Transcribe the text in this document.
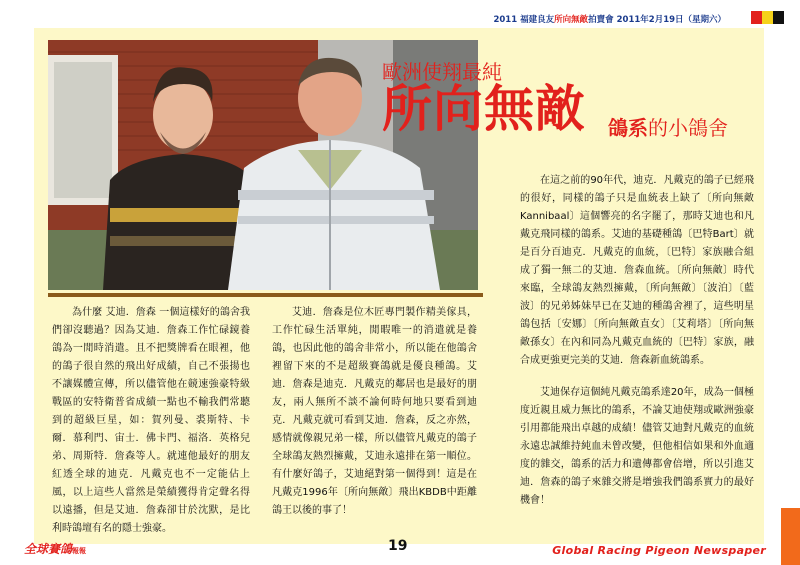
2011 福建良友所向無敵拍賣會 2011年2月19日（星期六）
歐洲使翔最純
所向無敵 鴿系的小鴿舍

為什麼 艾迪．詹森 一個這樣好的鴿舍我們卻沒聽過？因為艾迪．詹森工作忙碌鏡養鴿為一閒時消遣。且不把獎牌看在眼裡，他的鴿子很自然的飛出好成績，自己不張揚也不讓媒體宣傳，所以儘管他在競速強豪特級戰區的安特衛普省成績一點也不輸我們常聽到的超級巨星，如：賀列曼、裘斯特、卡爾．慕利門、宙士．佛卡門、福洛．英格兒弟、周斯特．詹森等人。就連他最好的朋友紅透全球的迪克．凡戴克也不一定能佔上風，以上這些人當然是榮績獲得肯定聲名得以遠播，但是艾迪．詹森卻甘於沈默，是比利時鴿壇有名的隱士強豪。

艾迪．詹森是位木匠專門製作精美傢具，工作忙碌生活單純，閒暇唯一的消遣就是養鴿，也因此他的鴿舍非常小，所以能在他鴿舍裡留下來的不是超級賽鴿就是優良種鴿。艾迪．詹森是迪克．凡戴克的鄰居也是最好的朋友，兩人無所不談不論何時何地只要看到迪克．凡戴克就可看到艾迪．詹森，反之亦然，感情就像親兄弟一樣，所以儘管凡戴克的鴿子全球鴿友熱烈擁戴，艾迪永遠排在第一順位。有什麼好鴿子，艾迪絕對第一個得到！這是在凡戴克1996年〔所向無敵〕飛出KBDB中距離鴿王以後的事了！

在這之前的90年代，迪克．凡戴克的鴿子已經飛的很好，同樣的鴿子只是血統表上缺了〔所向無敵Kannibaal〕這個響亮的名字罷了，那時艾迪也和凡戴克飛同樣的鴿系。艾迪的基礎種鴿〔巴特Bart〕就是百分百迪克．凡戴克的血統，〔巴特〕家族融合組成了獨一無二的艾迪．詹森血統。〔所向無敵〕時代來臨，全球鴿友熱烈擁戴，〔所向無敵〕〔波泊〕〔藍波〕的兄弟姊妹早已在艾迪的種鴿舍裡了，這些明星鴿包括〔安娜〕〔所向無敵直女〕〔艾莉塔〕〔所向無敵孫女〕在內和同為凡戴克血統的〔巴特〕家族，融合成更強更完美的艾迪．詹森新血統鴿系。

艾迪保存這個純凡戴克鴿系達20年，成為一個極度近親且威力無比的鴿系，不論艾迪使翔或歐洲強豪引用都能飛出卓越的成績！儘管艾迪對凡戴克的血統永遠忠誠維持純血未曾改變，但他相信如果和外血適度的雜交，鴿系的活力和遺傳都會倍增，所以引進艾迪．詹森的鴿子來雜交將是增強我們鴿系實力的最好機會！

全球賽鴿報報	19	Global Racing Pigeon Newspaper
